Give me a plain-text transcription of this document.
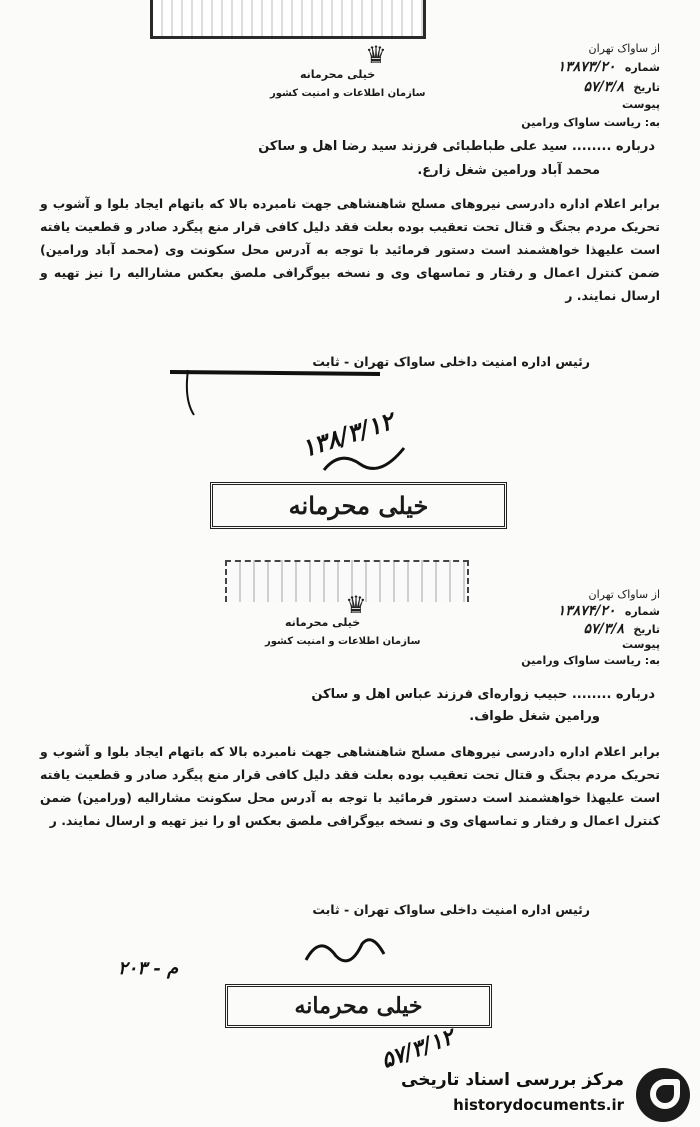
از ساواک تهران
شماره ۱۳۸۷۳/۲۰
تاریخ ۵۷/۳/۸
پیوست
♛
خیلی محرمانه
سازمان اطلاعات و امنیت کشور
به: ریاست ساواک ورامین
درباره ........ سید علی طباطبائی فرزند سید رضا اهل و ساکن
محمد آباد ورامین شغل زارع.
برابر اعلام اداره دادرسی نیروهای مسلح شاهنشاهی جهت نامبرده بالا که باتهام ایجاد بلوا و آشوب و تحریک مردم بجنگ و قتال تحت تعقیب بوده بعلت فقد دلیل کافی قرار منع پیگرد صادر و قطعیت یافته است علیهذا خواهشمند است دستور فرمائید با توجه به آدرس محل سکونت وی (محمد آباد ورامین) ضمن کنترل اعمال و رفتار و تماسهای وی و نسخه بیوگرافی ملصق بعکس مشارالیه را نیز تهیه و ارسال نمایند. ر
رئیس اداره امنیت داخلی ساواک تهران - ثابت
۱۳۸/۳/۱۲
خیلی محرمانه
از ساواک تهران
شماره ۱۳۸۷۴/۲۰
تاریخ ۵۷/۳/۸
پیوست
♛
خیلی محرمانه
سازمان اطلاعات و امنیت کشور
به: ریاست ساواک ورامین
درباره ........ حبیب زواره‌ای فرزند عباس اهل و ساکن
ورامین شغل طواف.
برابر اعلام اداره دادرسی نیروهای مسلح شاهنشاهی جهت نامبرده بالا که باتهام ایجاد بلوا و آشوب و تحریک مردم بجنگ و قتال تحت تعقیب بوده بعلت فقد دلیل کافی قرار منع پیگرد صادر و قطعیت یافته است علیهذا خواهشمند است دستور فرمائید با توجه به آدرس محل سکونت مشارالیه (ورامین) ضمن کنترل اعمال و رفتار و تماسهای وی و نسخه بیوگرافی ملصق بعکس او را نیز تهیه و ارسال نمایند. ر
رئیس اداره امنیت داخلی ساواک تهران - ثابت
۲۰۳ - م
خیلی محرمانه
۵۷/۳/۱۲
مرکز بررسی اسناد تاریخی
historydocuments.ir
